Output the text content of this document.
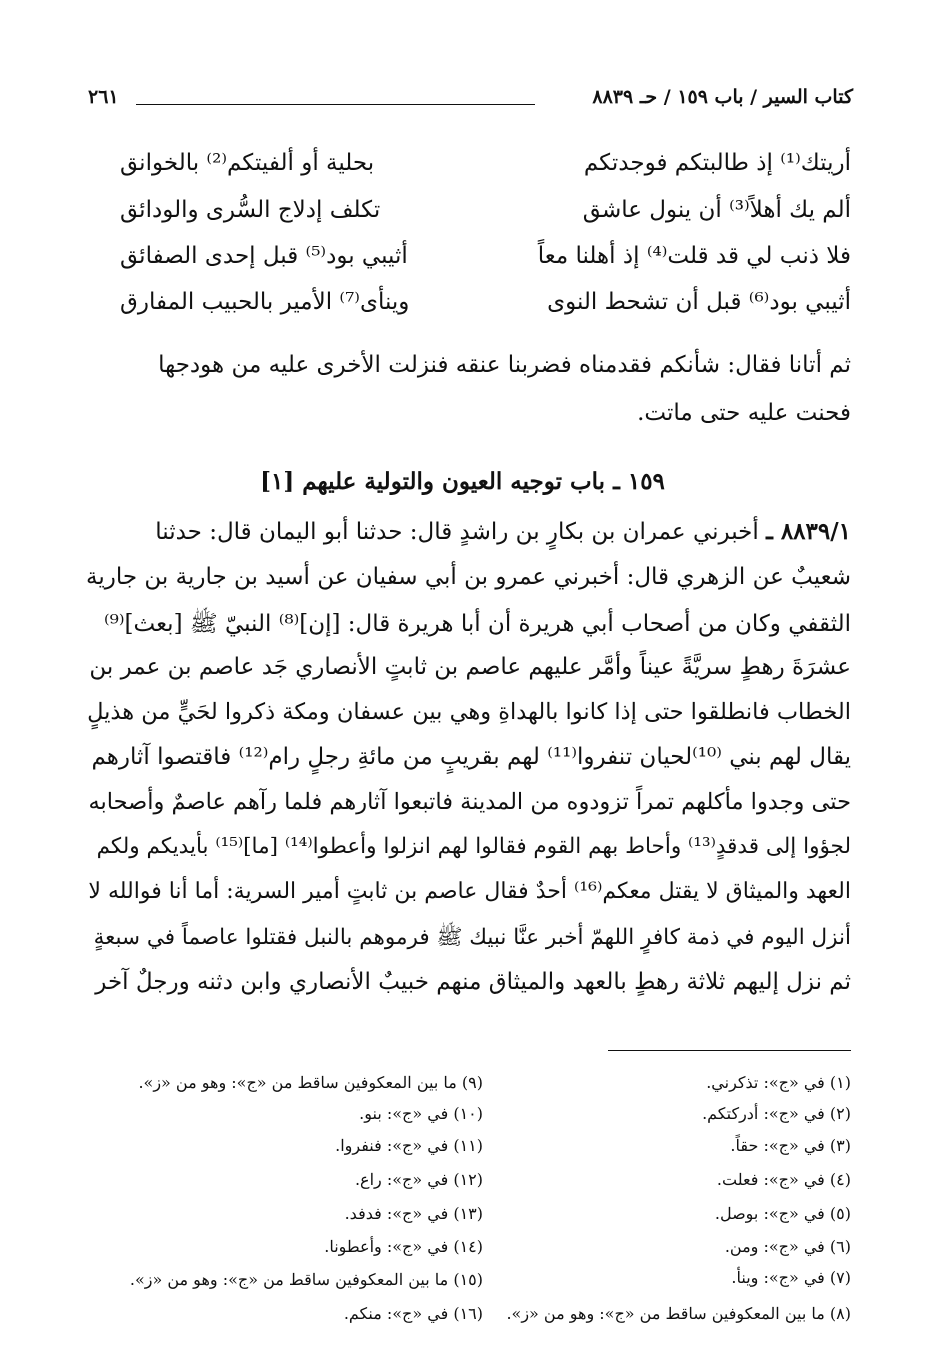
كتاب السير / باب ١٥٩ / حـ ٨٨٣٩
٢٦١
أريتك⁽¹⁾ إذ طالبتكم فوجدتكم
بحلية أو ألفيتكم⁽²⁾ بالخوانق
ألم يك أهلاً⁽³⁾ أن ينول عاشق
تكلف إدلاج السُّرى والودائق
فلا ذنب لي قد قلت⁽⁴⁾ إذ أهلنا معاً
أثيبي بود⁽⁵⁾ قبل إحدى الصفائق
أثيبي بود⁽⁶⁾ قبل أن تشحط النوى
وينأى⁽⁷⁾ الأمير بالحبيب المفارق
ثم أتانا فقال: شأنكم فقدمناه فضربنا عنقه فنزلت الأخرى عليه من هودجها
فحنت عليه حتى ماتت.
١٥٩ ـ باب توجيه العيون والتولية عليهم [١]
٨٨٣٩/١ ـ أخبرني عمران بن بكارٍ بن راشدٍ قال: حدثنا أبو اليمان قال: حدثنا
شعيبٌ عن الزهري قال: أخبرني عمرو بن أبي سفيان عن أسيد بن جارية بن جارية
الثقفي وكان من أصحاب أبي هريرة أن أبا هريرة قال: [إن]⁽⁸⁾ النبيّ ﷺ [بعث]⁽⁹⁾
عشرَةَ رهطٍ سريَّةً عيناً وأمَّر عليهم عاصم بن ثابتٍ الأنصاري جَد عاصم بن عمر بن
الخطاب فانطلقوا حتى إذا كانوا بالهداةِ وهي بين عسفان ومكة ذكروا لحَيٍّ من هذيلٍ
يقال لهم بني ⁽¹⁰⁾لحيان تنفروا⁽¹¹⁾ لهم بقريبٍ من مائةِ رجلٍ رام⁽¹²⁾ فاقتصوا آثارهم
حتى وجدوا مأكلهم تمراً تزودوه من المدينة فاتبعوا آثارهم فلما رآهم عاصمٌ وأصحابه
لجؤوا إلى قدقدٍ⁽¹³⁾ وأحاط بهم القوم فقالوا لهم انزلوا وأعطوا⁽¹⁴⁾ [ما]⁽¹⁵⁾ بأيديكم ولكم
العهد والميثاق لا يقتل معكم⁽¹⁶⁾ أحدٌ فقال عاصم بن ثابتٍ أمير السرية: أما أنا فوالله لا
أنزل اليوم في ذمة كافرٍ اللهمّ أخبر عنَّا نبيك ﷺ فرموهم بالنبل فقتلوا عاصماً في سبعةٍ
ثم نزل إليهم ثلاثة رهطٍ بالعهد والميثاق منهم خبيبٌ الأنصاري وابن دثنه ورجلٌ آخر
(١) في «ج»: تذكرني.
(٢) في «ج»: أدركتكم.
(٣) في «ج»: حقاً.
(٤) في «ج»: فعلت.
(٥) في «ج»: بوصل.
(٦) في «ج»: ومن.
(٧) في «ج»: وينأ.
(٨) ما بين المعكوفين ساقط من «ج»: وهو من «ز».
(٩) ما بين المعكوفين ساقط من «ج»: وهو من «ز».
(١٠) في «ج»: بنو.
(١١) في «ج»: فنفروا.
(١٢) في «ج»: راع.
(١٣) في «ج»: فدفد.
(١٤) في «ج»: وأعطونا.
(١٥) ما بين المعكوفين ساقط من «ج»: وهو من «ز».
(١٦) في «ج»: منكم.
